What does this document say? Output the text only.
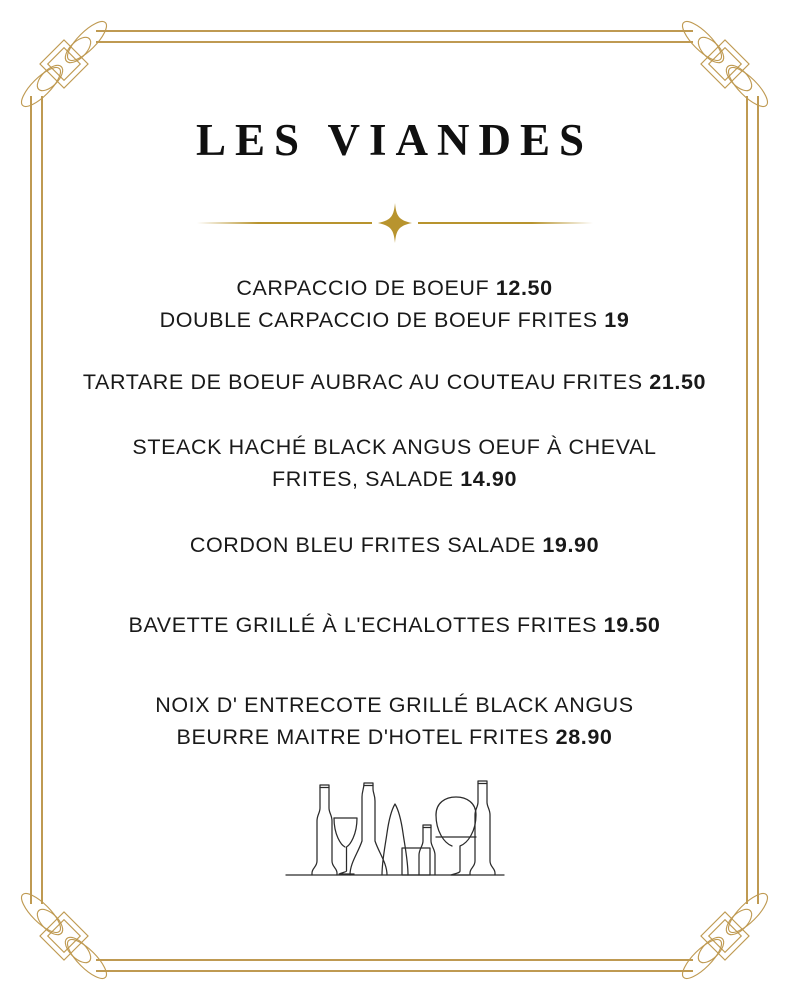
LES VIANDES
CARPACCIO DE BOEUF 12.50
DOUBLE CARPACCIO DE BOEUF FRITES 19
TARTARE DE BOEUF AUBRAC AU COUTEAU FRITES 21.50
STEACK HACHÉ BLACK ANGUS OEUF À CHEVAL
FRITES, SALADE 14.90
CORDON BLEU FRITES SALADE 19.90
BAVETTE GRILLÉ À L'ECHALOTTES FRITES 19.50
NOIX D' ENTRECOTE GRILLÉ BLACK ANGUS
BEURRE MAITRE D'HOTEL FRITES 28.90
